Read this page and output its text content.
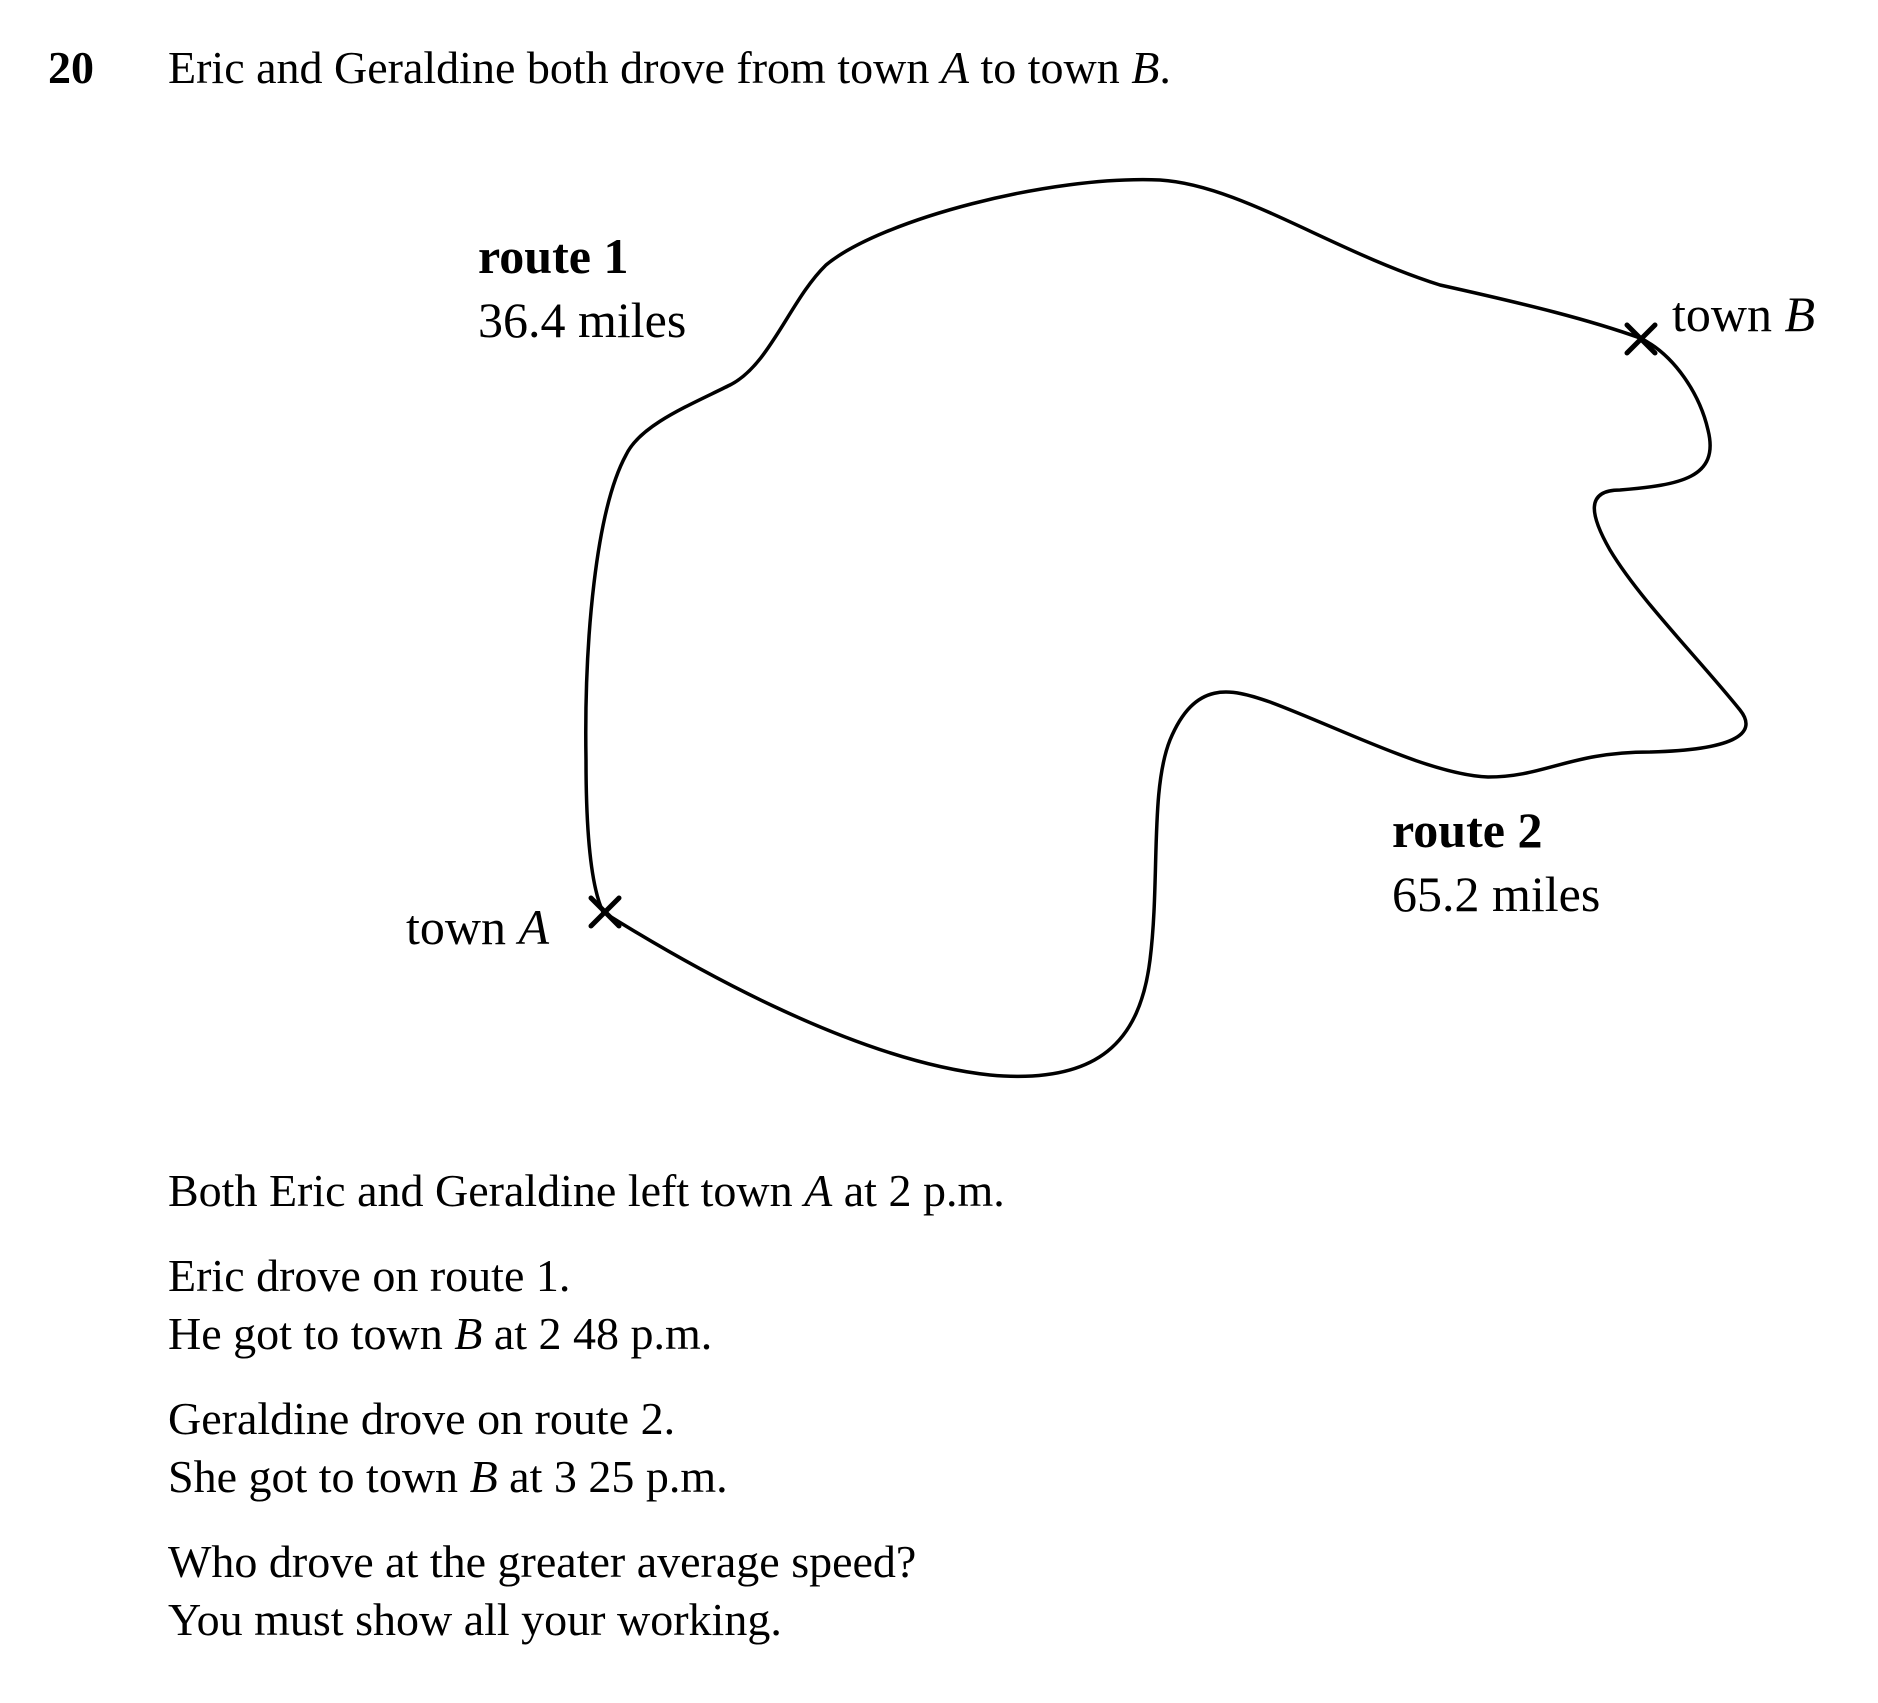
20 Eric and Geraldine both drove from town A to town B.
route 1
36.4 miles
route 2
65.2 miles
town A
town B
Both Eric and Geraldine left town A at 2 p.m.
Eric drove on route 1.
He got to town B at 2 48 p.m.
Geraldine drove on route 2.
She got to town B at 3 25 p.m.
Who drove at the greater average speed?
You must show all your working.
